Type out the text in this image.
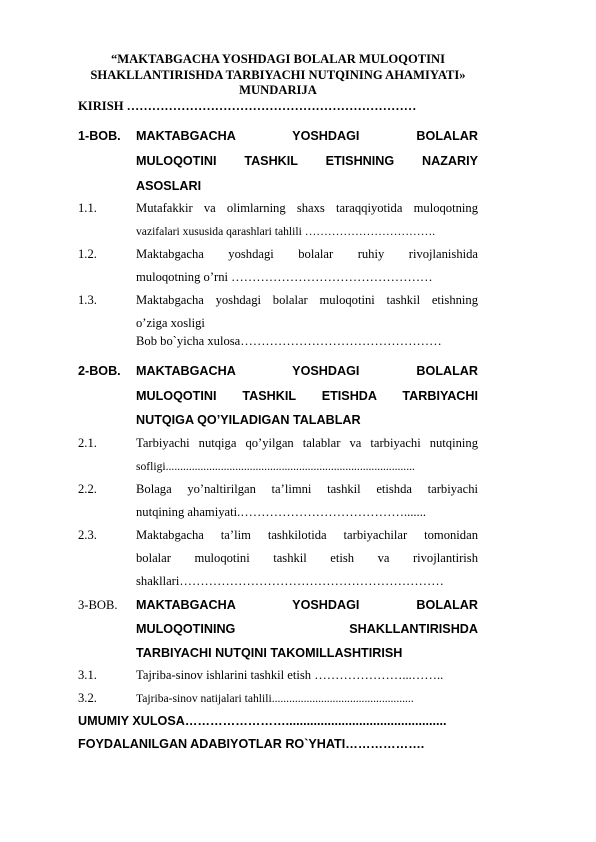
“MAKTABGACHA YOSHDAGI BOLALAR MULOQOTINI
SHAKLLANTIRISHDA TARBIYACHI NUTQINING AHAMIYATI»
MUNDARIJA
KIRISH ……………………………………………………………
1-BOB. MAKTABGACHA YOSHDAGI BOLALAR
MULOQOTINI TASHKIL ETISHNING NAZARIY
ASOSLARI
1.1.	Mutafakkir va olimlarning shaxs taraqqiyotida muloqotning
vazifalari xususida qarashlari tahlili …………………………….
1.2.	Maktabgacha yoshdagi bolalar ruhiy rivojlanishida
muloqotning o’rni …………………………………………
1.3.	Maktabgacha yoshdagi bolalar muloqotini tashkil etishning
o’ziga xosligi
Bob bo`yicha xulosa…………………………………………
2-BOB. MAKTABGACHA YOSHDAGI BOLALAR
MULOQOTINI TASHKIL ETISHDA TARBIYACHI
NUTQIGA QO’YILADIGAN TALABLAR
2.1.	Tarbiyachi nutqiga qo’yilgan talablar va tarbiyachi nutqining
sofligi......................................................................................
2.2.	Bolaga yo’naltirilgan ta’limni tashkil etishda tarbiyachi
nutqining ahamiyati.………………………………….......
2.3.	Maktabgacha ta’lim tashkilotida tarbiyachilar tomonidan
bolalar muloqotini tashkil etish va rivojlantirish
shakllari………………………………………………………
3-BOB. MAKTABGACHA YOSHDAGI BOLALAR
MULOQOTINING SHAKLLANTIRISHDA
TARBIYACHI NUTQINI TAKOMILLASHTIRISH
3.1.	Tajriba-sinov ishlarini tashkil etish …………………...……..
3.2.	Tajriba-sinov natijalari tahlili.................................................
UMUMIY XULOSA……………………..............................................
FOYDALANILGAN ADABIYOTLAR RO`YHATI……………….
